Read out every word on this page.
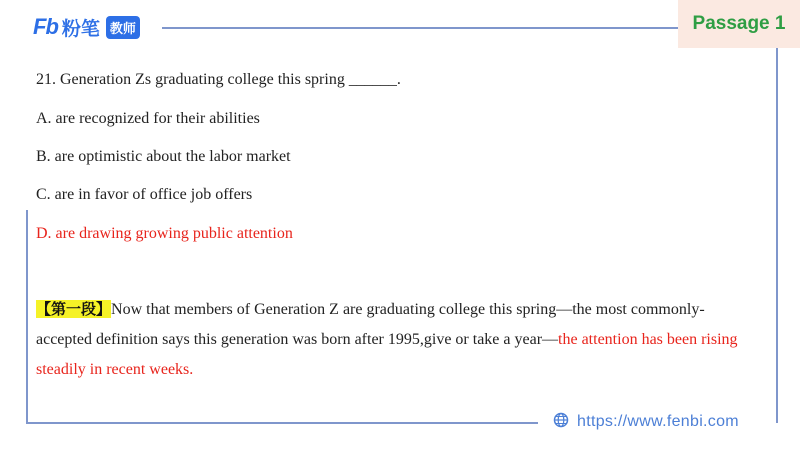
Fb 粉笔 教师	Passage 1
21. Generation Zs graduating college this spring ______.
A. are recognized for their abilities
B. are optimistic about the labor market
C. are in favor of office job offers
D. are drawing growing public attention
【第一段】Now that members of Generation Z are graduating college this spring—the most commonly-accepted definition says this generation was born after 1995,give or take a year—the attention has been rising steadily in recent weeks.
https://www.fenbi.com
